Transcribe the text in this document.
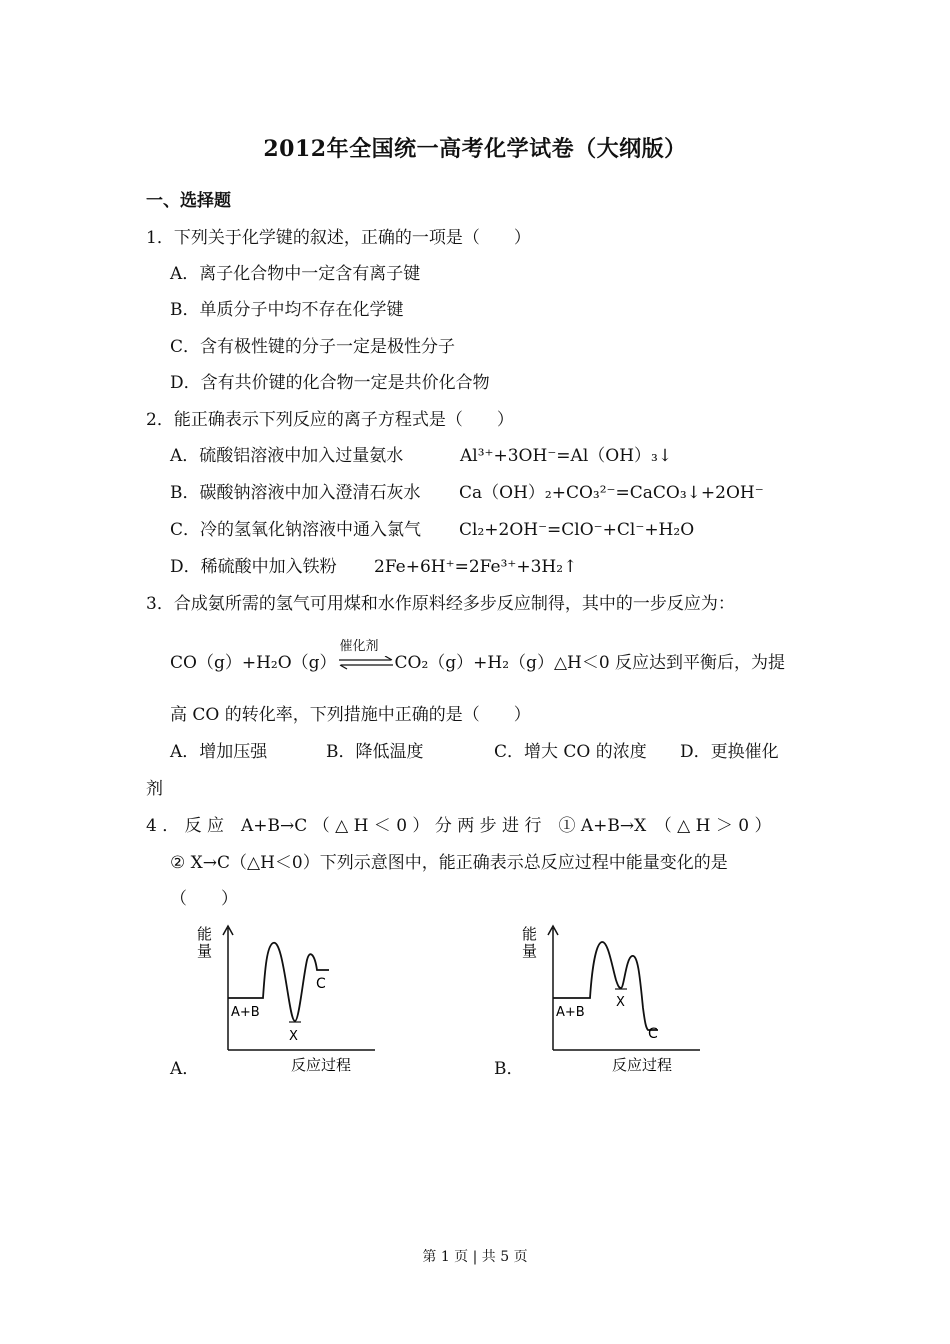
2012年全国统一高考化学试卷（大纲版）
一、选择题
1．下列关于化学键的叙述，正确的一项是（　　）
A．离子化合物中一定含有离子键
B．单质分子中均不存在化学键
C．含有极性键的分子一定是极性分子
D．含有共价键的化合物一定是共价化合物
2．能正确表示下列反应的离子方程式是（　　）
A．硫酸铝溶液中加入过量氨水	Al³⁺+3OH⁻=Al（OH）₃↓
B．碳酸钠溶液中加入澄清石灰水 Ca（OH）₂+CO₃²⁻=CaCO₃↓+2OH⁻
C．冷的氢氧化钠溶液中通入氯气 Cl₂+2OH⁻=ClO⁻+Cl⁻+H₂O
D．稀硫酸中加入铁粉 2Fe+6H⁺=2Fe³⁺+3H₂↑
3．合成氨所需的氢气可用煤和水作原料经多步反应制得，其中的一步反应为：
CO（g）+H₂O（g）
催化剂
CO₂（g）+H₂（g）△H＜0 反应达到平衡后，为提
高 CO 的转化率，下列措施中正确的是（　　）
A．增加压强	B．降低温度	C．增大 CO 的浓度 D．更换催化
剂
4 ． 反 应　A+B→C （ △ H ＜ 0 ） 分 两 步 进 行　① A+B→X　（ △ H ＞ 0 ）
② X→C（△H＜0）下列示意图中，能正确表示总反应过程中能量变化的是
（　　）
能
量
A+B
X
C
反应过程
A．
能
量
A+B
X
C
反应过程
B．
第 1 页 | 共 5 页
